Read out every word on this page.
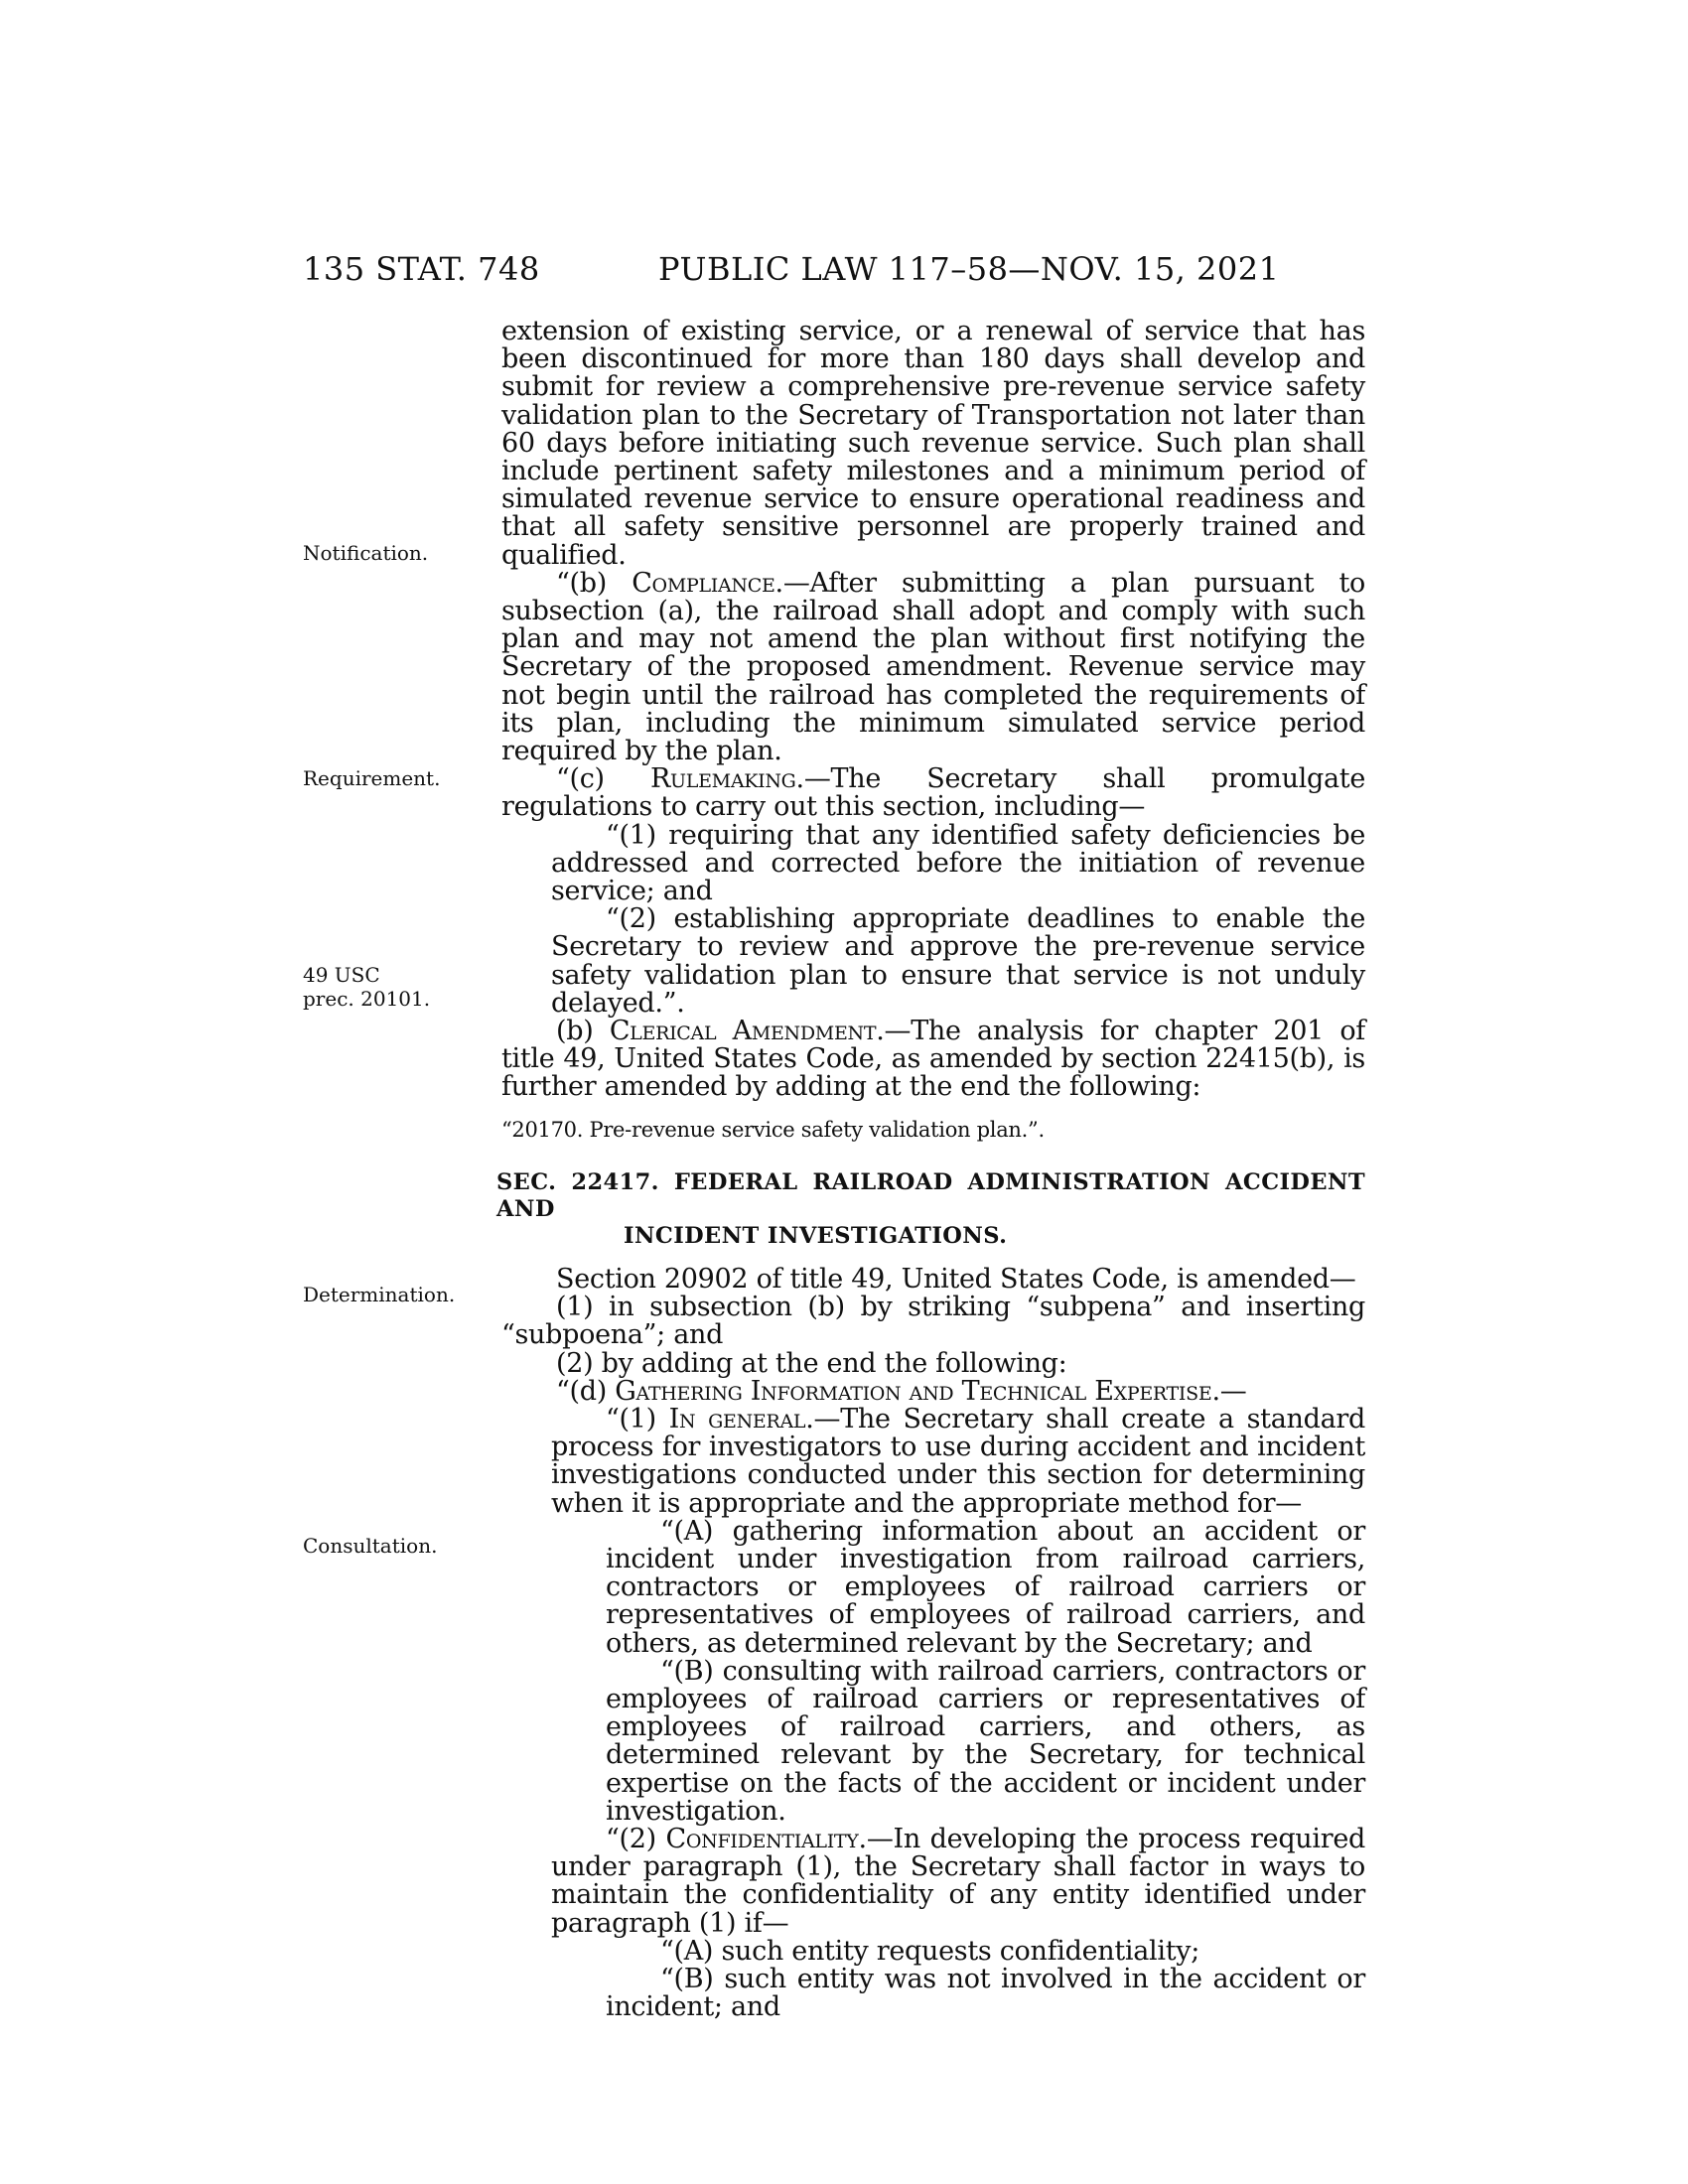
135 STAT. 748	PUBLIC LAW 117–58—NOV. 15, 2021
Notification.
Requirement.
49 USC
prec. 20101.
Determination.
Consultation.

extension of existing service, or a renewal of service that has been discontinued for more than 180 days shall develop and submit for review a comprehensive pre-revenue service safety validation plan to the Secretary of Transportation not later than 60 days before initiating such revenue service. Such plan shall include pertinent safety milestones and a minimum period of simulated revenue service to ensure operational readiness and that all safety sensitive personnel are properly trained and qualified.

“(b) Compliance.—After submitting a plan pursuant to subsection (a), the railroad shall adopt and comply with such plan and may not amend the plan without first notifying the Secretary of the proposed amendment. Revenue service may not begin until the railroad has completed the requirements of its plan, including the minimum simulated service period required by the plan.

“(c) Rulemaking.—The Secretary shall promulgate regulations to carry out this section, including—

“(1) requiring that any identified safety deficiencies be addressed and corrected before the initiation of revenue service; and

“(2) establishing appropriate deadlines to enable the Secretary to review and approve the pre-revenue service safety validation plan to ensure that service is not unduly delayed.”.

(b) Clerical Amendment.—The analysis for chapter 201 of title 49, United States Code, as amended by section 22415(b), is further amended by adding at the end the following:

“20170. Pre-revenue service safety validation plan.”.

SEC. 22417. FEDERAL RAILROAD ADMINISTRATION ACCIDENT AND
INCIDENT INVESTIGATIONS.

Section 20902 of title 49, United States Code, is amended—

(1) in subsection (b) by striking “subpena” and inserting “subpoena”; and

(2) by adding at the end the following:

“(d) Gathering Information and Technical Expertise.—

“(1) In general.—The Secretary shall create a standard process for investigators to use during accident and incident investigations conducted under this section for determining when it is appropriate and the appropriate method for—

“(A) gathering information about an accident or incident under investigation from railroad carriers, contractors or employees of railroad carriers or representatives of employees of railroad carriers, and others, as determined relevant by the Secretary; and

“(B) consulting with railroad carriers, contractors or employees of railroad carriers or representatives of employees of railroad carriers, and others, as determined relevant by the Secretary, for technical expertise on the facts of the accident or incident under investigation.

“(2) Confidentiality.—In developing the process required under paragraph (1), the Secretary shall factor in ways to maintain the confidentiality of any entity identified under paragraph (1) if—

“(A) such entity requests confidentiality;

“(B) such entity was not involved in the accident or incident; and
